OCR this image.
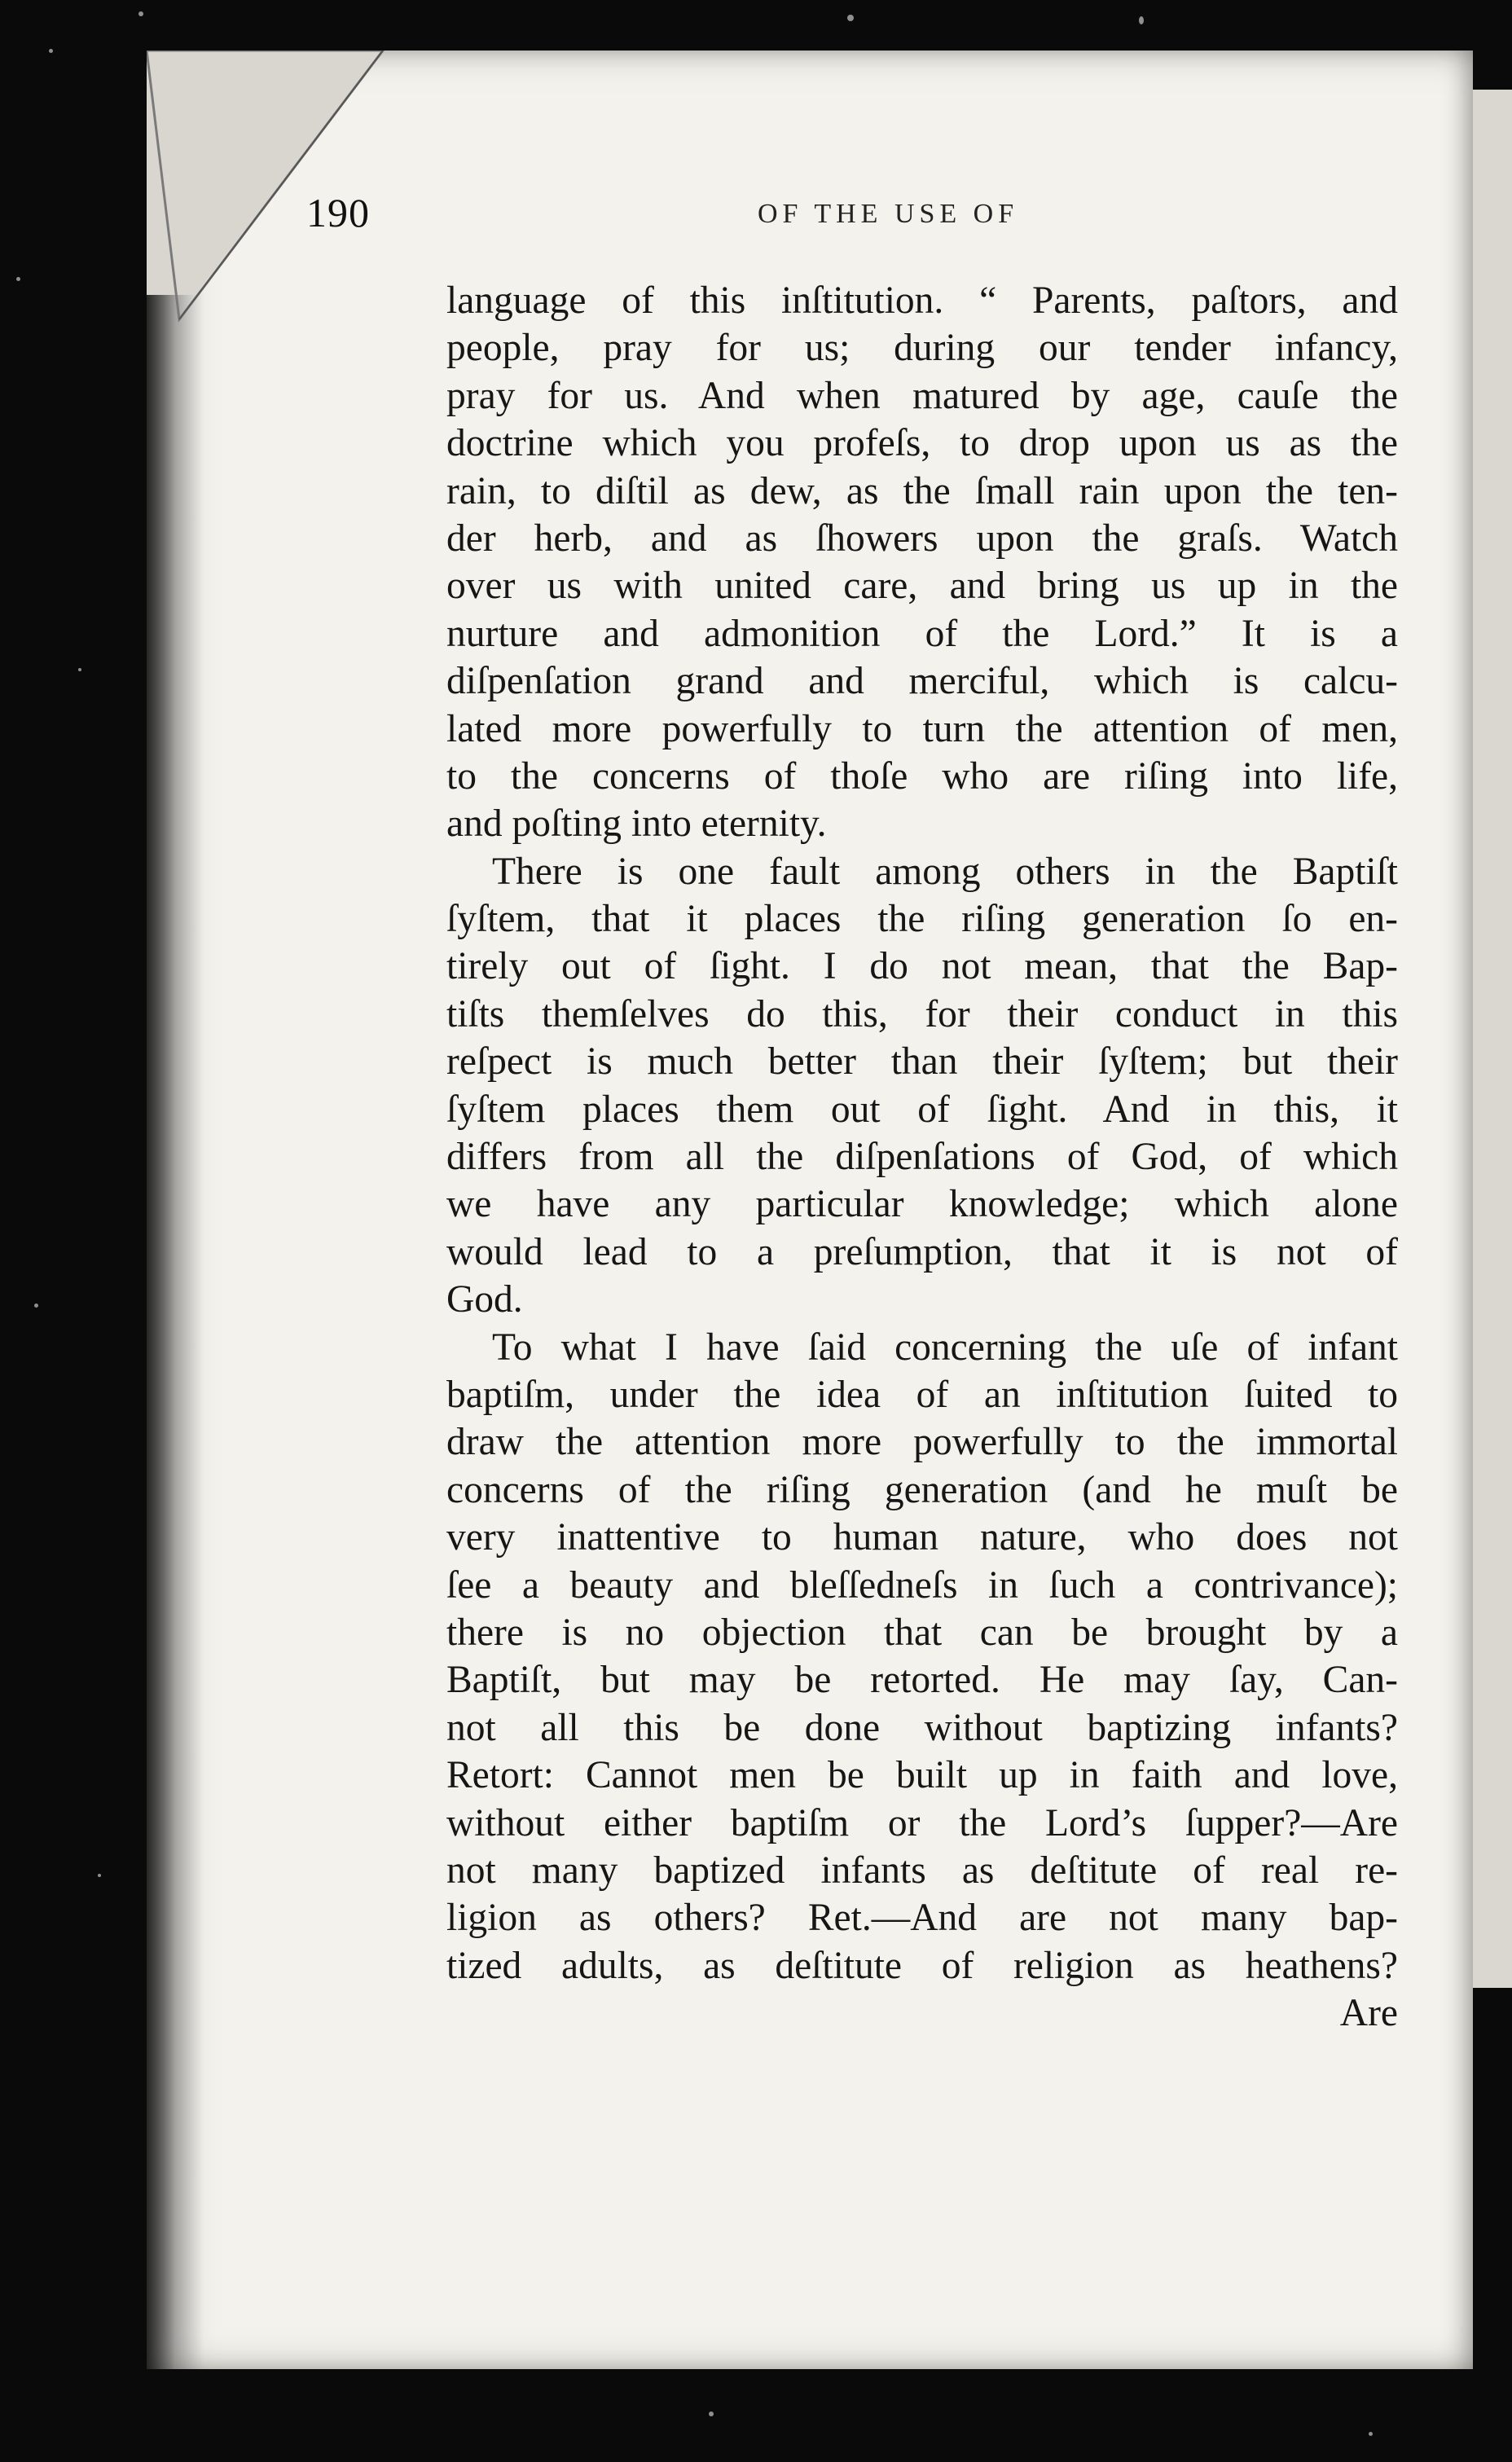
190	OF THE USE OF
language of this inſtitution. “ Parents, paſtors, and
people, pray for us; during our tender infancy,
pray for us. And when matured by age, cauſe the
doctrine which you profeſs, to drop upon us as the
rain, to diſtil as dew, as the ſmall rain upon the ten-
der herb, and as ſhowers upon the graſs. Watch
over us with united care, and bring us up in the
nurture and admonition of the Lord.” It is a
diſpenſation grand and merciful, which is calcu-
lated more powerfully to turn the attention of men,
to the concerns of thoſe who are riſing into life,
and poſting into eternity.
There is one fault among others in the Baptiſt
ſyſtem, that it places the riſing generation ſo en-
tirely out of ſight. I do not mean, that the Bap-
tiſts themſelves do this, for their conduct in this
reſpect is much better than their ſyſtem; but their
ſyſtem places them out of ſight. And in this, it
differs from all the diſpenſations of God, of which
we have any particular knowledge; which alone
would lead to a preſumption, that it is not of
God.
To what I have ſaid concerning the uſe of infant
baptiſm, under the idea of an inſtitution ſuited to
draw the attention more powerfully to the immortal
concerns of the riſing generation (and he muſt be
very inattentive to human nature, who does not
ſee a beauty and bleſſedneſs in ſuch a contrivance);
there is no objection that can be brought by a
Baptiſt, but may be retorted. He may ſay, Can-
not all this be done without baptizing infants?
Retort: Cannot men be built up in faith and love,
without either baptiſm or the Lord’s ſupper?—Are
not many baptized infants as deſtitute of real re-
ligion as others? Ret.—And are not many bap-
tized adults, as deſtitute of religion as heathens?
Are
